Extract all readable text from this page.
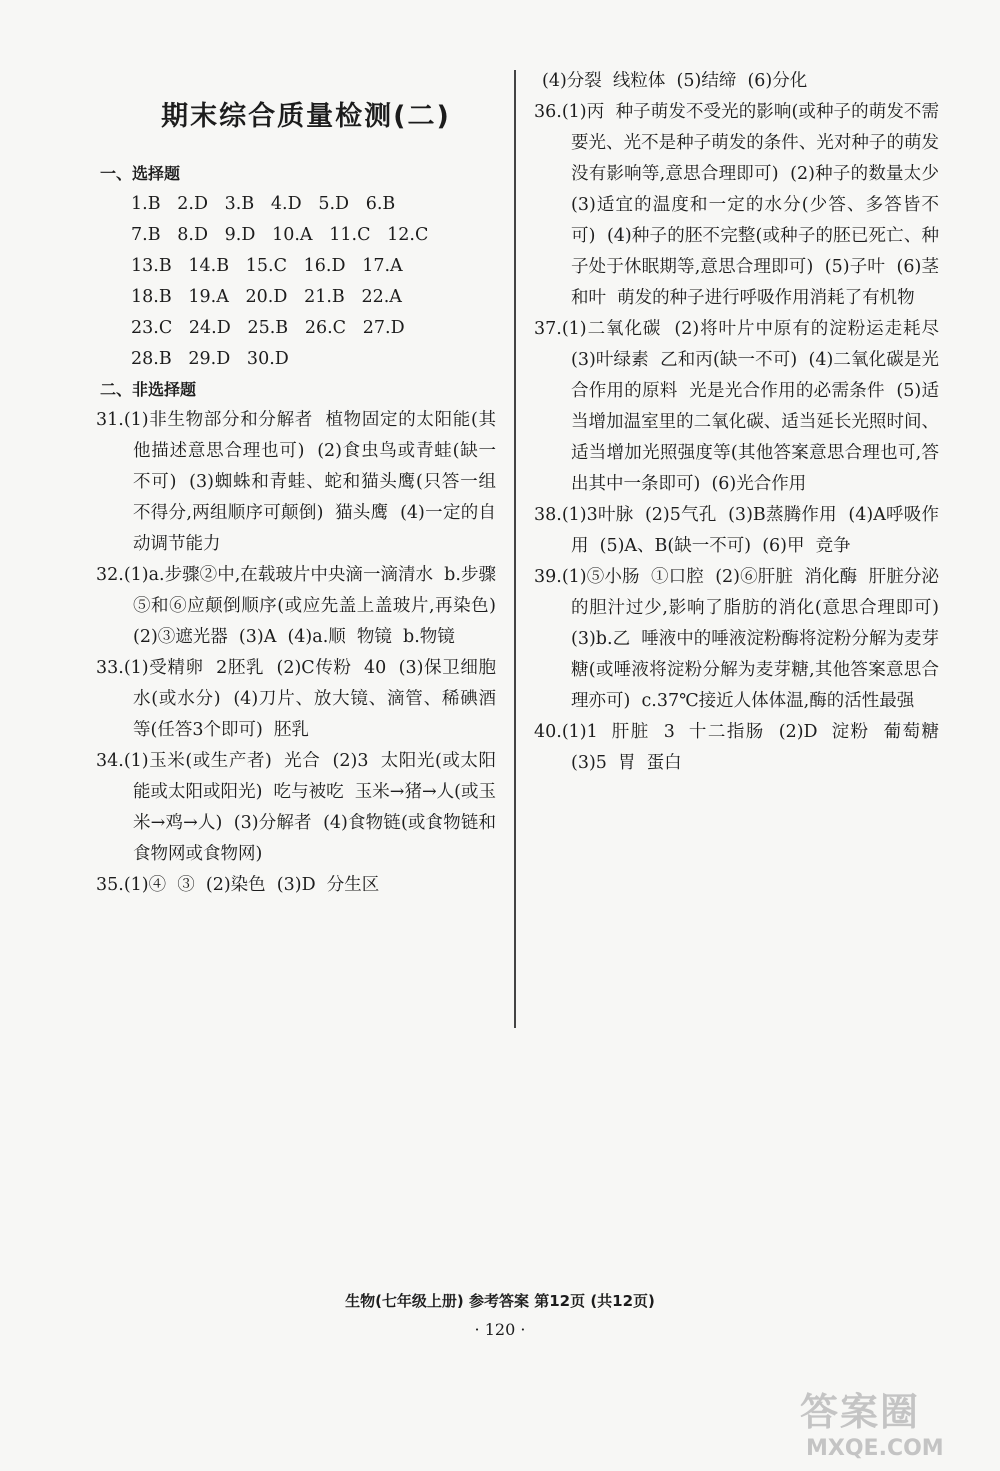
期末综合质量检测(二)
一、选择题
1.B   2.D   3.B   4.D   5.D   6.B
7.B   8.D   9.D   10.A   11.C   12.C
13.B   14.B   15.C   16.D   17.A
18.B   19.A   20.D   21.B   22.A
23.C   24.D   25.B   26.C   27.D
28.B   29.D   30.D
二、非选择题
31.(1)非生物部分和分解者  植物固定的太阳能(其他描述意思合理也可)  (2)食虫鸟或青蛙(缺一不可)  (3)蜘蛛和青蛙、蛇和猫头鹰(只答一组不得分,两组顺序可颠倒)  猫头鹰  (4)一定的自动调节能力
32.(1)a.步骤②中,在载玻片中央滴一滴清水  b.步骤⑤和⑥应颠倒顺序(或应先盖上盖玻片,再染色)  (2)③遮光器  (3)A  (4)a.顺  物镜  b.物镜
33.(1)受精卵  2胚乳  (2)C传粉  40  (3)保卫细胞  水(或水分)  (4)刀片、放大镜、滴管、稀碘酒等(任答3个即可)  胚乳
34.(1)玉米(或生产者)  光合  (2)3  太阳光(或太阳能或太阳或阳光)  吃与被吃  玉米→猪→人(或玉米→鸡→人)  (3)分解者  (4)食物链(或食物链和食物网或食物网)
35.(1)④  ③  (2)染色  (3)D  分生区
(4)分裂  线粒体  (5)结缔  (6)分化
36.(1)丙  种子萌发不受光的影响(或种子的萌发不需要光、光不是种子萌发的条件、光对种子的萌发没有影响等,意思合理即可)  (2)种子的数量太少  (3)适宜的温度和一定的水分(少答、多答皆不可)  (4)种子的胚不完整(或种子的胚已死亡、种子处于休眠期等,意思合理即可)  (5)子叶  (6)茎和叶  萌发的种子进行呼吸作用消耗了有机物
37.(1)二氧化碳  (2)将叶片中原有的淀粉运走耗尽  (3)叶绿素  乙和丙(缺一不可)  (4)二氧化碳是光合作用的原料  光是光合作用的必需条件  (5)适当增加温室里的二氧化碳、适当延长光照时间、适当增加光照强度等(其他答案意思合理也可,答出其中一条即可)  (6)光合作用
38.(1)3叶脉  (2)5气孔  (3)B蒸腾作用  (4)A呼吸作用  (5)A、B(缺一不可)  (6)甲  竞争
39.(1)⑤小肠  ①口腔  (2)⑥肝脏  消化酶  肝脏分泌的胆汁过少,影响了脂肪的消化(意思合理即可)  (3)b.乙  唾液中的唾液淀粉酶将淀粉分解为麦芽糖(或唾液将淀粉分解为麦芽糖,其他答案意思合理亦可)  c.37℃接近人体体温,酶的活性最强
40.(1)1  肝脏  3  十二指肠  (2)D  淀粉  葡萄糖  (3)5  胃  蛋白
生物(七年级上册) 参考答案 第12页 (共12页)
· 120 ·
答案圈
MXQE.COM
